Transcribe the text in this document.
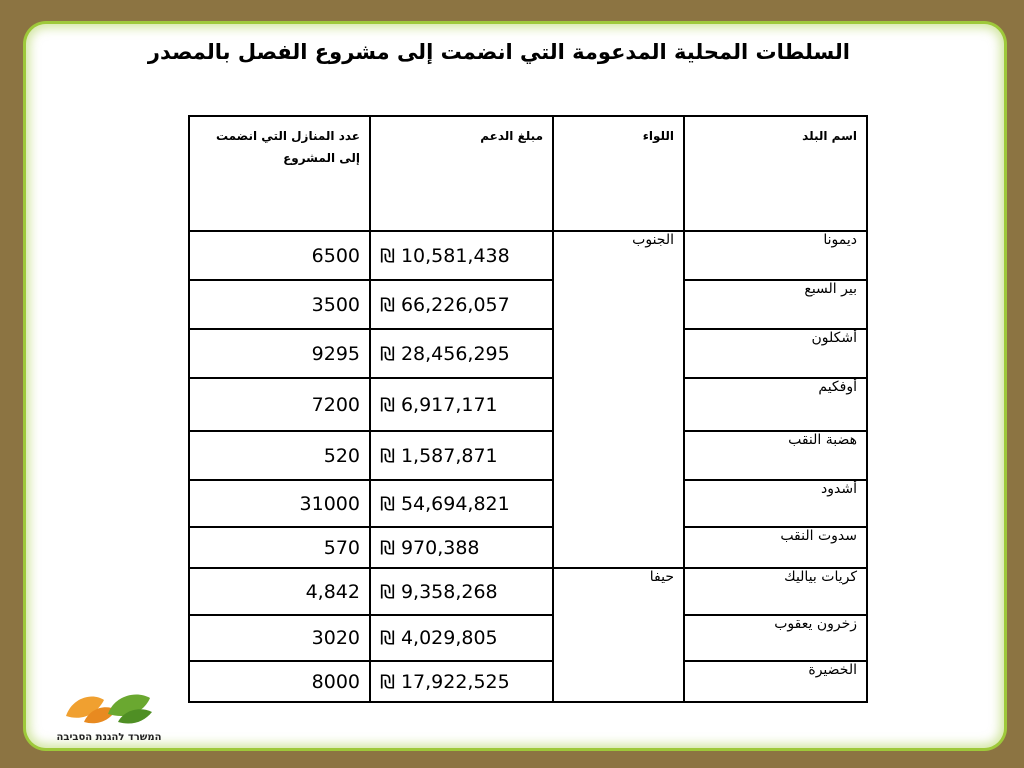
السلطات المحلية المدعومة التي انضمت إلى مشروع الفصل بالمصدر
اسم البلد	اللواء	مبلغ الدعم	عدد المنازل التي انضمت إلى المشروع
ديمونا	الجنوب	₪ 10,581,438	6500
بير السبع		₪ 66,226,057	3500
أشكلون		₪ 28,456,295	9295
أوفكيم		₪ 6,917,171	7200
هضبة النقب		₪ 1,587,871	520
أشدود		₪ 54,694,821	31000
سدوت النقب		₪ 970,388	570
كريات بياليك	حيفا	₪ 9,358,268	4,842
زخرون يعقوب		₪ 4,029,805	3020
الخضيرة		₪ 17,922,525	8000
המשרד להגנת הסביבה
